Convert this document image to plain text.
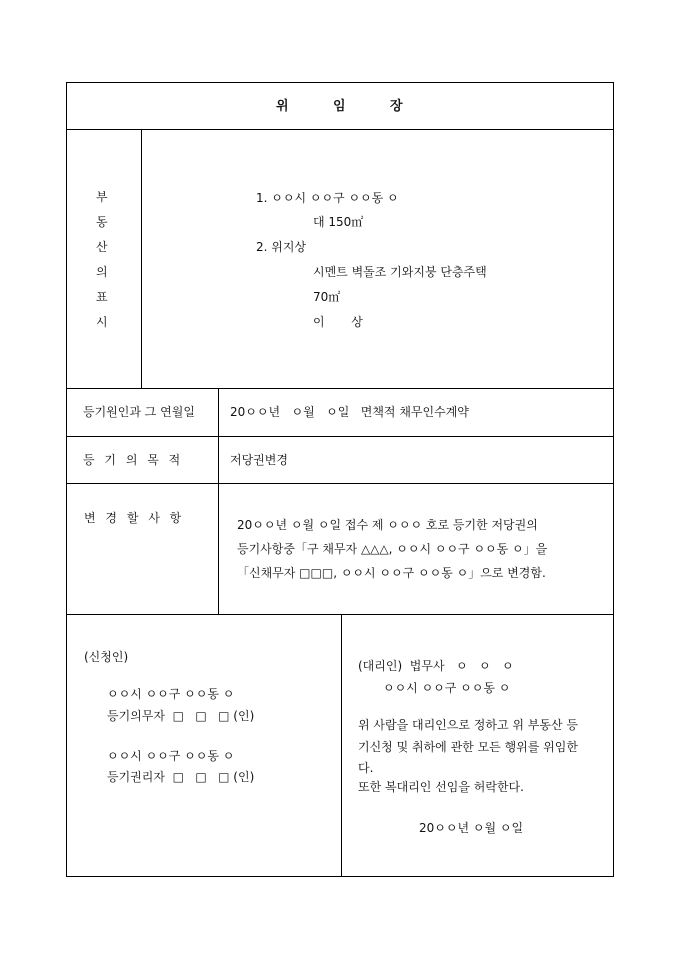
위	임	장
부
동
산
의
표
시
1. ㅇㅇ시 ㅇㅇ구 ㅇㅇ동 ㅇ
대 150㎡
2. 위지상
시멘트 벽돌조 기와지붕 단층주택
70㎡
이       상
등기원인과 그 연월일	20ㅇㅇ년   ㅇ월   ㅇ일   면책적 채무인수계약
등 기 의 목 적	저당권변경
변 경 할 사 항	20ㅇㅇ년 ㅇ월 ㅇ일 접수 제 ㅇㅇㅇ 호로 등기한 저당권의
등기사항중「구 채무자 △△△, ㅇㅇ시 ㅇㅇ구 ㅇㅇ동 ㅇ」을
「신채무자 □□□, ㅇㅇ시 ㅇㅇ구 ㅇㅇ동 ㅇ」으로 변경함.
(신청인)
ㅇㅇ시 ㅇㅇ구 ㅇㅇ동 ㅇ
등기의무자  □   □   □ (인)
ㅇㅇ시 ㅇㅇ구 ㅇㅇ동 ㅇ
등기권리자  □   □   □ (인)
(대리인)  법무사   ㅇ   ㅇ   ㅇ
ㅇㅇ시 ㅇㅇ구 ㅇㅇ동 ㅇ
위 사람을 대리인으로 정하고 위 부동산 등
기신청 및 취하에 관한 모든 행위를 위임한
다.
또한 복대리인 선임을 허락한다.
20ㅇㅇ년 ㅇ월 ㅇ일
